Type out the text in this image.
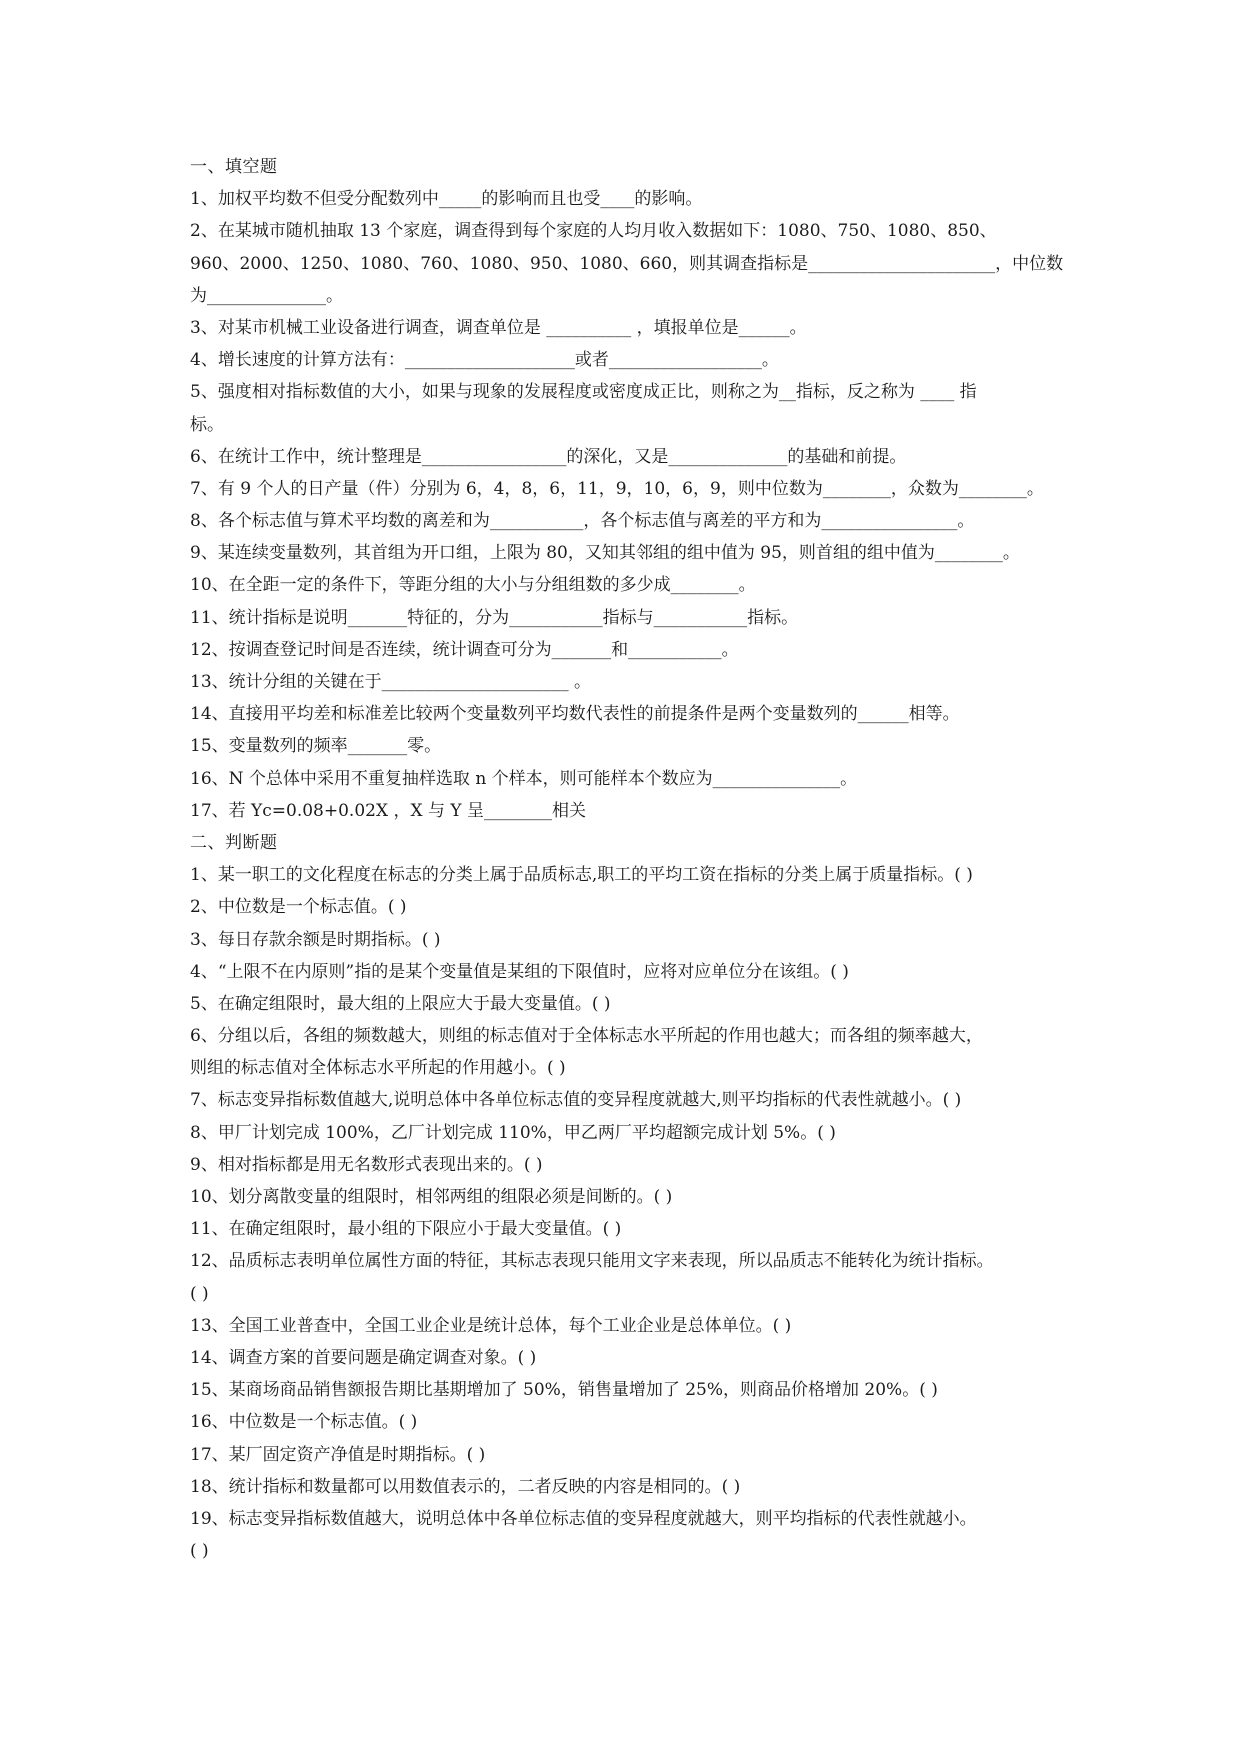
一、填空题
1、加权平均数不但受分配数列中_____的影响而且也受____的影响。
2、在某城市随机抽取 13 个家庭，调查得到每个家庭的人均月收入数据如下：1080、750、1080、850、
960、2000、1250、1080、760、1080、950、1080、660，则其调查指标是______________________，中位数
为______________。
3、对某市机械工业设备进行调查，调查单位是 __________ ，填报单位是______。
4、增长速度的计算方法有：____________________或者__________________。
5、强度相对指标数值的大小，如果与现象的发展程度或密度成正比，则称之为__指标，反之称为 ____ 指
标。
6、在统计工作中，统计整理是_________________的深化，又是______________的基础和前提。
7、有 9 个人的日产量（件）分别为 6，4，8，6，11，9，10，6，9，则中位数为________，众数为________。
8、各个标志值与算术平均数的离差和为___________，各个标志值与离差的平方和为________________。
9、某连续变量数列，其首组为开口组，上限为 80，又知其邻组的组中值为 95，则首组的组中值为________。
10、在全距一定的条件下，等距分组的大小与分组组数的多少成________。
11、统计指标是说明_______特征的，分为___________指标与___________指标。
12、按调查登记时间是否连续，统计调查可分为_______和___________。
13、统计分组的关键在于______________________ 。
14、直接用平均差和标准差比较两个变量数列平均数代表性的前提条件是两个变量数列的______相等。
15、变量数列的频率_______零。
16、N 个总体中采用不重复抽样选取 n 个样本，则可能样本个数应为_______________。
17、若 Yc=0.08+0.02X ，X 与 Y 呈________相关
二、判断题
1、某一职工的文化程度在标志的分类上属于品质标志,职工的平均工资在指标的分类上属于质量指标。( )
2、中位数是一个标志值。( )
3、每日存款余额是时期指标。( )
4、“上限不在内原则”指的是某个变量值是某组的下限值时，应将对应单位分在该组。( )
5、在确定组限时，最大组的上限应大于最大变量值。( )
6、分组以后，各组的频数越大，则组的标志值对于全体标志水平所起的作用也越大；而各组的频率越大，
则组的标志值对全体标志水平所起的作用越小。( )
7、标志变异指标数值越大,说明总体中各单位标志值的变异程度就越大,则平均指标的代表性就越小。( )
8、甲厂计划完成 100%，乙厂计划完成 110%，甲乙两厂平均超额完成计划 5%。( )
9、相对指标都是用无名数形式表现出来的。( )
10、划分离散变量的组限时，相邻两组的组限必须是间断的。( )
11、在确定组限时，最小组的下限应小于最大变量值。( )
12、品质标志表明单位属性方面的特征，其标志表现只能用文字来表现，所以品质志不能转化为统计指标。
( )
13、全国工业普查中，全国工业企业是统计总体，每个工业企业是总体单位。( )
14、调查方案的首要问题是确定调查对象。( )
15、某商场商品销售额报告期比基期增加了 50%，销售量增加了 25%，则商品价格增加 20%。( )
16、中位数是一个标志值。( )
17、某厂固定资产净值是时期指标。( )
18、统计指标和数量都可以用数值表示的，二者反映的内容是相同的。( )
19、标志变异指标数值越大，说明总体中各单位标志值的变异程度就越大，则平均指标的代表性就越小。
( )
